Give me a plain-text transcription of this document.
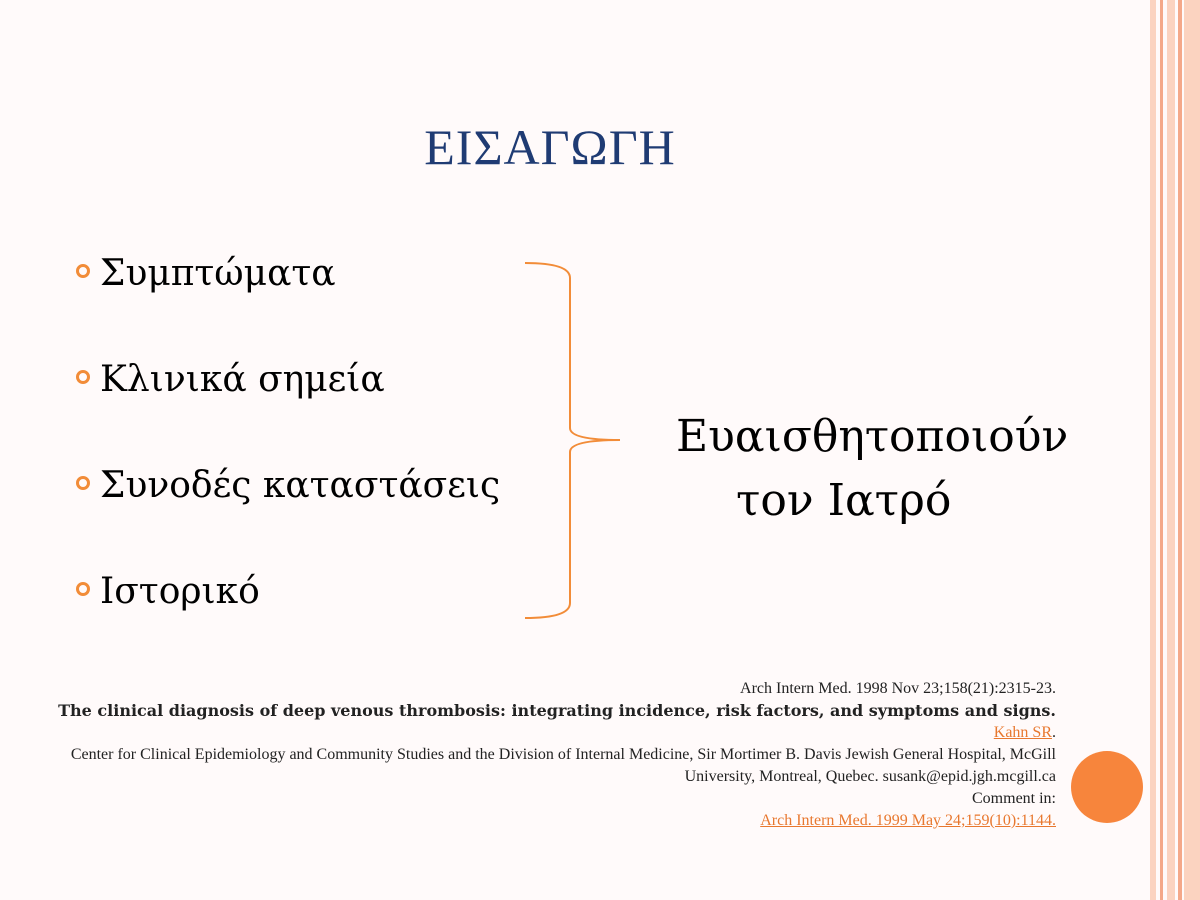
ΕΙΣΑΓΩΓΗ
Συμπτώματα
Κλινικά σημεία
Συνοδές καταστάσεις
Ιστορικό
Ευαισθητοποιούν
τον Ιατρό
Arch Intern Med. 1998 Nov 23;158(21):2315-23.
The clinical diagnosis of deep venous thrombosis: integrating incidence, risk factors, and symptoms and signs.
Kahn SR.
Center for Clinical Epidemiology and Community Studies and the Division of Internal Medicine, Sir Mortimer B. Davis Jewish General Hospital, McGill University, Montreal, Quebec. susank@epid.jgh.mcgill.ca
Comment in:
Arch Intern Med. 1999 May 24;159(10):1144.
